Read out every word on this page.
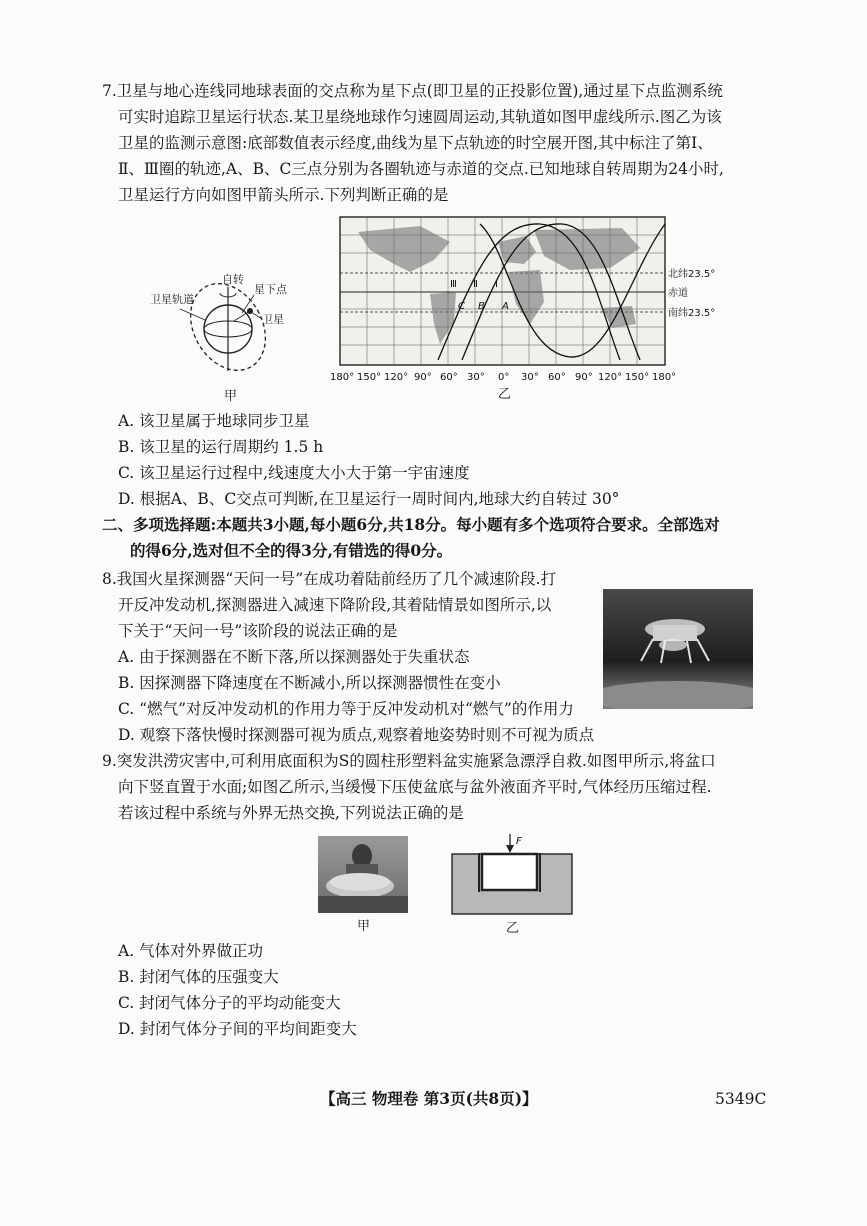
7.卫星与地心连线同地球表面的交点称为星下点(即卫星的正投影位置),通过星下点监测系统
可实时追踪卫星运行状态.某卫星绕地球作匀速圆周运动,其轨道如图甲虚线所示.图乙为该
卫星的监测示意图:底部数值表示经度,曲线为星下点轨迹的时空展开图,其中标注了第Ⅰ、
Ⅱ、Ⅲ圈的轨迹,A、B、C三点分别为各圈轨迹与赤道的交点.已知地球自转周期为24小时,
卫星运行方向如图甲箭头所示.下列判断正确的是
自转
星下点
卫星轨道
卫星
甲
Ⅲ Ⅱ Ⅰ
C B A
北纬23.5°
赤道
南纬23.5°
180° 150° 120° 90° 60° 30° 0° 30° 60° 90° 120° 150° 180°
乙
A. 该卫星属于地球同步卫星
B. 该卫星的运行周期约 1.5 h
C. 该卫星运行过程中,线速度大小大于第一宇宙速度
D. 根据A、B、C交点可判断,在卫星运行一周时间内,地球大约自转过 30°
二、多项选择题:本题共3小题,每小题6分,共18分。每小题有多个选项符合要求。全部选对
的得6分,选对但不全的得3分,有错选的得0分。
8.我国火星探测器“天问一号”在成功着陆前经历了几个减速阶段.打
开反冲发动机,探测器进入减速下降阶段,其着陆情景如图所示,以
下关于“天问一号”该阶段的说法正确的是
A. 由于探测器在不断下落,所以探测器处于失重状态
B. 因探测器下降速度在不断减小,所以探测器惯性在变小
C. “燃气”对反冲发动机的作用力等于反冲发动机对“燃气”的作用力
D. 观察下落快慢时探测器可视为质点,观察着地姿势时则不可视为质点
9.突发洪涝灾害中,可利用底面积为S的圆柱形塑料盆实施紧急漂浮自救.如图甲所示,将盆口
向下竖直置于水面;如图乙所示,当缓慢下压使盆底与盆外液面齐平时,气体经历压缩过程.
若该过程中系统与外界无热交换,下列说法正确的是
甲
F
乙
A. 气体对外界做正功
B. 封闭气体的压强变大
C. 封闭气体分子的平均动能变大
D. 封闭气体分子间的平均间距变大
【高三 物理卷 第3页(共8页)】	5349C
